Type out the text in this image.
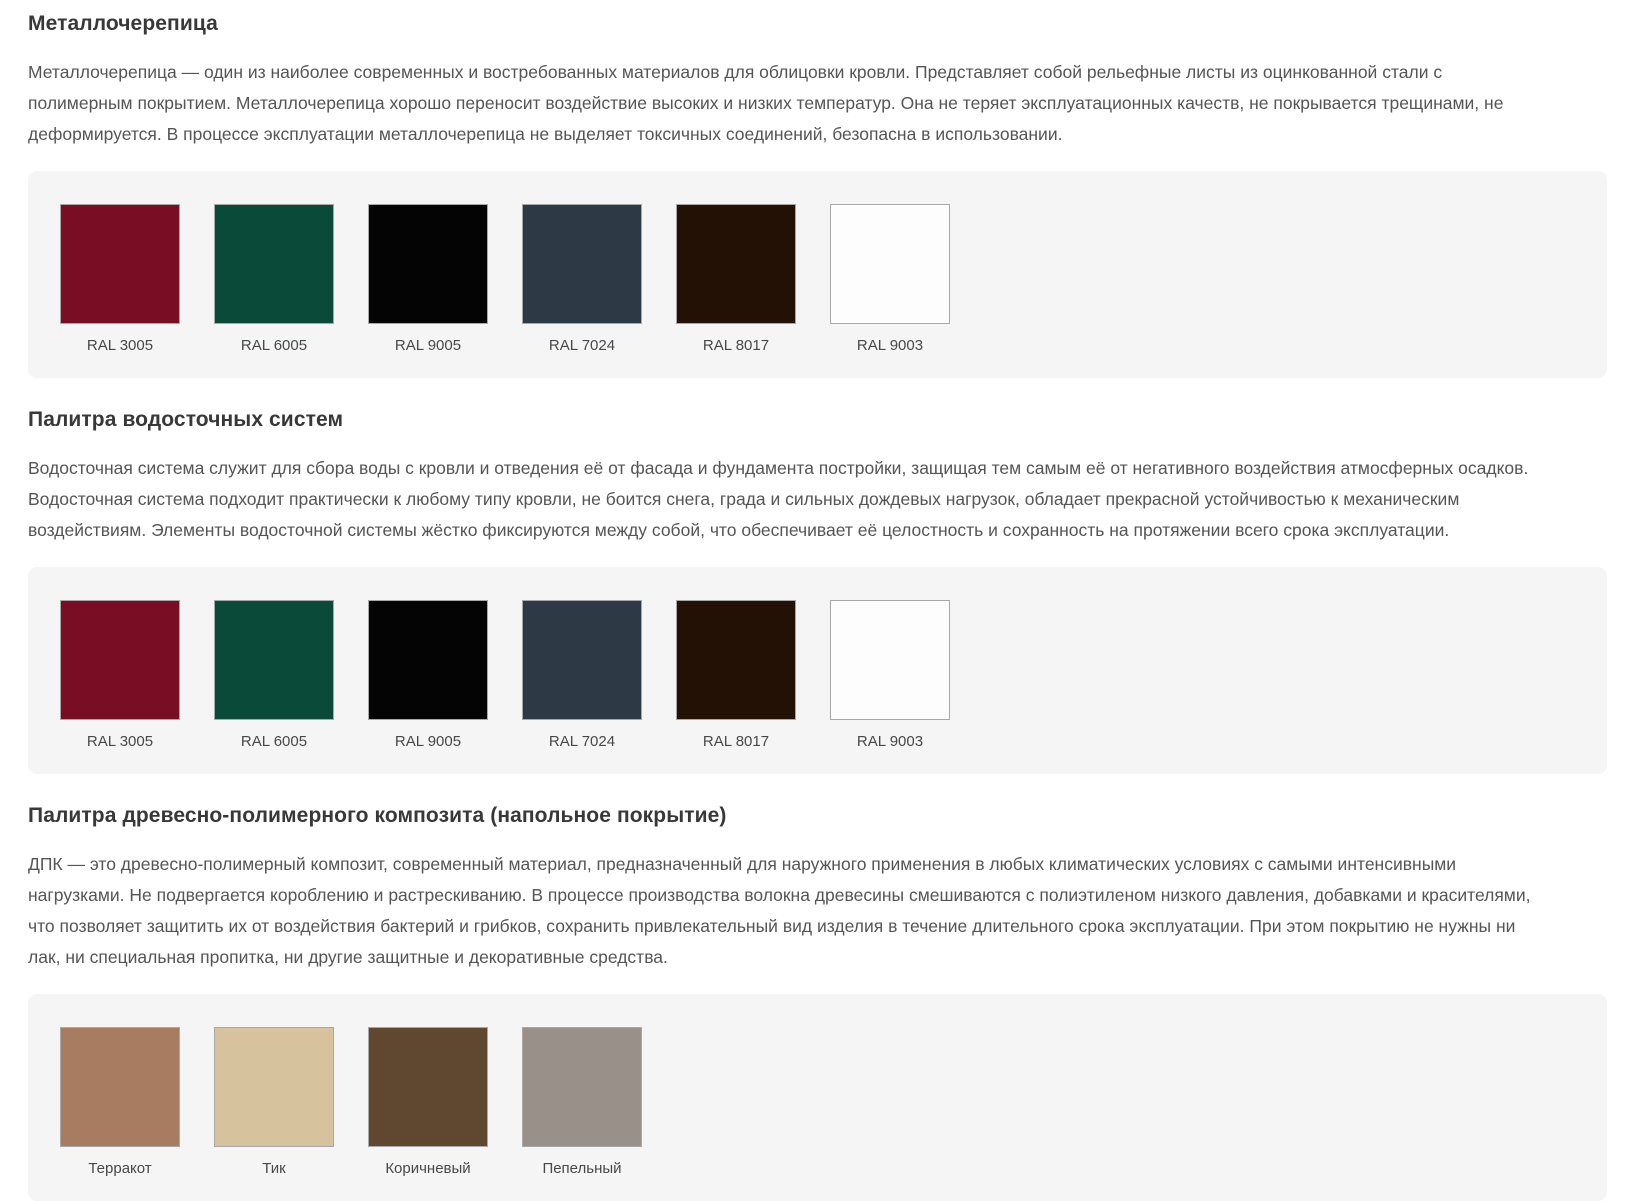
Металлочерепица

Металлочерепица — один из наиболее современных и востребованных материалов для облицовки кровли. Представляет собой рельефные листы из оцинкованной стали с полимерным покрытием. Металлочерепица хорошо переносит воздействие высоких и низких температур. Она не теряет эксплуатационных качеств, не покрывается трещинами, не деформируется. В процессе эксплуатации металлочерепица не выделяет токсичных соединений, безопасна в использовании.

RAL 3005	RAL 6005	RAL 9005	RAL 7024	RAL 8017	RAL 9003
Палитра водосточных систем

Водосточная система служит для сбора воды с кровли и отведения её от фасада и фундамента постройки, защищая тем самым её от негативного воздействия атмосферных осадков. Водосточная система подходит практически к любому типу кровли, не боится снега, града и сильных дождевых нагрузок, обладает прекрасной устойчивостью к механическим воздействиям. Элементы водосточной системы жёстко фиксируются между собой, что обеспечивает её целостность и сохранность на протяжении всего срока эксплуатации.

RAL 3005	RAL 6005	RAL 9005	RAL 7024	RAL 8017	RAL 9003
Палитра древесно-полимерного композита (напольное покрытие)

ДПК — это древесно-полимерный композит, современный материал, предназначенный для наружного применения в любых климатических условиях с самыми интенсивными нагрузками. Не подвергается короблению и растрескиванию. В процессе производства волокна древесины смешиваются с полиэтиленом низкого давления, добавками и красителями, что позволяет защитить их от воздействия бактерий и грибков, сохранить привлекательный вид изделия в течение длительного срока эксплуатации. При этом покрытию не нужны ни лак, ни специальная пропитка, ни другие защитные и декоративные средства.

Терракот	Тик	Коричневый	Пепельный
